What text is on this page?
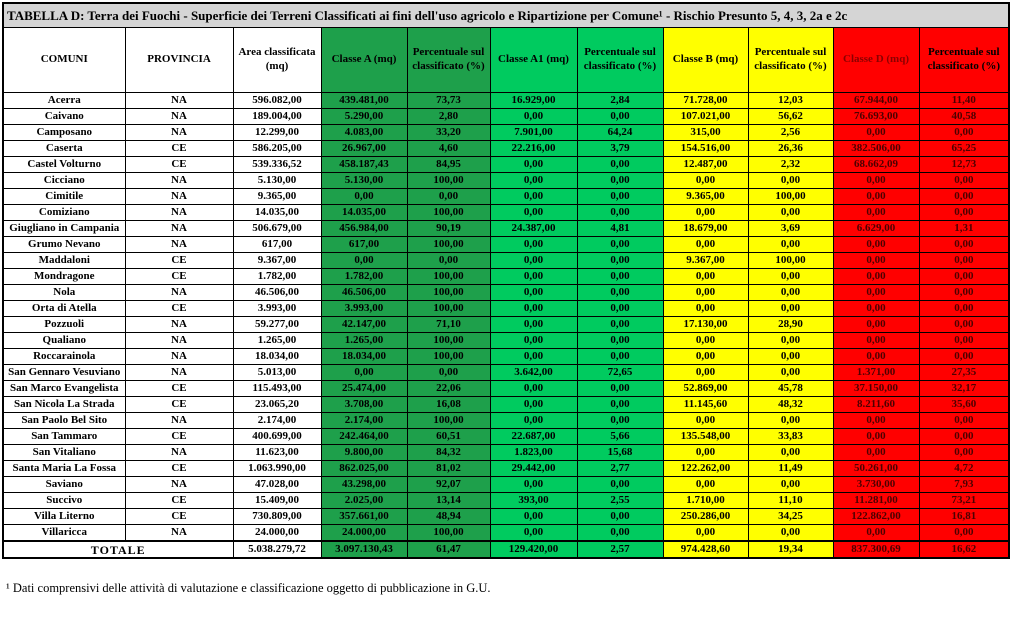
TABELLA D: Terra dei Fuochi - Superficie dei Terreni Classificati ai fini dell'uso agricolo e Ripartizione per Comune¹ - Rischio Presunto 5, 4, 3, 2a e 2c										
COMUNI	PROVINCIA	Area classificata (mq)	Classe A (mq)	Percentuale sul classificato (%)	Classe A1 (mq)	Percentuale sul classificato (%)	Classe B (mq)	Percentuale sul classificato (%)	Classe D (mq)	Percentuale sul classificato (%)
Acerra	NA	596.082,00	439.481,00	73,73	16.929,00	2,84	71.728,00	12,03	67.944,00	11,40
Caivano	NA	189.004,00	5.290,00	2,80	0,00	0,00	107.021,00	56,62	76.693,00	40,58
Camposano	NA	12.299,00	4.083,00	33,20	7.901,00	64,24	315,00	2,56	0,00	0,00
Caserta	CE	586.205,00	26.967,00	4,60	22.216,00	3,79	154.516,00	26,36	382.506,00	65,25
Castel Volturno	CE	539.336,52	458.187,43	84,95	0,00	0,00	12.487,00	2,32	68.662,09	12,73
Cicciano	NA	5.130,00	5.130,00	100,00	0,00	0,00	0,00	0,00	0,00	0,00
Cimitile	NA	9.365,00	0,00	0,00	0,00	0,00	9.365,00	100,00	0,00	0,00
Comiziano	NA	14.035,00	14.035,00	100,00	0,00	0,00	0,00	0,00	0,00	0,00
Giugliano in Campania	NA	506.679,00	456.984,00	90,19	24.387,00	4,81	18.679,00	3,69	6.629,00	1,31
Grumo Nevano	NA	617,00	617,00	100,00	0,00	0,00	0,00	0,00	0,00	0,00
Maddaloni	CE	9.367,00	0,00	0,00	0,00	0,00	9.367,00	100,00	0,00	0,00
Mondragone	CE	1.782,00	1.782,00	100,00	0,00	0,00	0,00	0,00	0,00	0,00
Nola	NA	46.506,00	46.506,00	100,00	0,00	0,00	0,00	0,00	0,00	0,00
Orta di Atella	CE	3.993,00	3.993,00	100,00	0,00	0,00	0,00	0,00	0,00	0,00
Pozzuoli	NA	59.277,00	42.147,00	71,10	0,00	0,00	17.130,00	28,90	0,00	0,00
Qualiano	NA	1.265,00	1.265,00	100,00	0,00	0,00	0,00	0,00	0,00	0,00
Roccarainola	NA	18.034,00	18.034,00	100,00	0,00	0,00	0,00	0,00	0,00	0,00
San Gennaro Vesuviano	NA	5.013,00	0,00	0,00	3.642,00	72,65	0,00	0,00	1.371,00	27,35
San Marco Evangelista	CE	115.493,00	25.474,00	22,06	0,00	0,00	52.869,00	45,78	37.150,00	32,17
San Nicola La Strada	CE	23.065,20	3.708,00	16,08	0,00	0,00	11.145,60	48,32	8.211,60	35,60
San Paolo Bel Sito	NA	2.174,00	2.174,00	100,00	0,00	0,00	0,00	0,00	0,00	0,00
San Tammaro	CE	400.699,00	242.464,00	60,51	22.687,00	5,66	135.548,00	33,83	0,00	0,00
San Vitaliano	NA	11.623,00	9.800,00	84,32	1.823,00	15,68	0,00	0,00	0,00	0,00
Santa Maria La Fossa	CE	1.063.990,00	862.025,00	81,02	29.442,00	2,77	122.262,00	11,49	50.261,00	4,72
Saviano	NA	47.028,00	43.298,00	92,07	0,00	0,00	0,00	0,00	3.730,00	7,93
Succivo	CE	15.409,00	2.025,00	13,14	393,00	2,55	1.710,00	11,10	11.281,00	73,21
Villa Literno	CE	730.809,00	357.661,00	48,94	0,00	0,00	250.286,00	34,25	122.862,00	16,81
Villaricca	NA	24.000,00	24.000,00	100,00	0,00	0,00	0,00	0,00	0,00	0,00
TOTALE		5.038.279,72	3.097.130,43	61,47	129.420,00	2,57	974.428,60	19,34	837.300,69	16,62
¹ Dati comprensivi delle attività di valutazione e classificazione oggetto di pubblicazione in G.U.
